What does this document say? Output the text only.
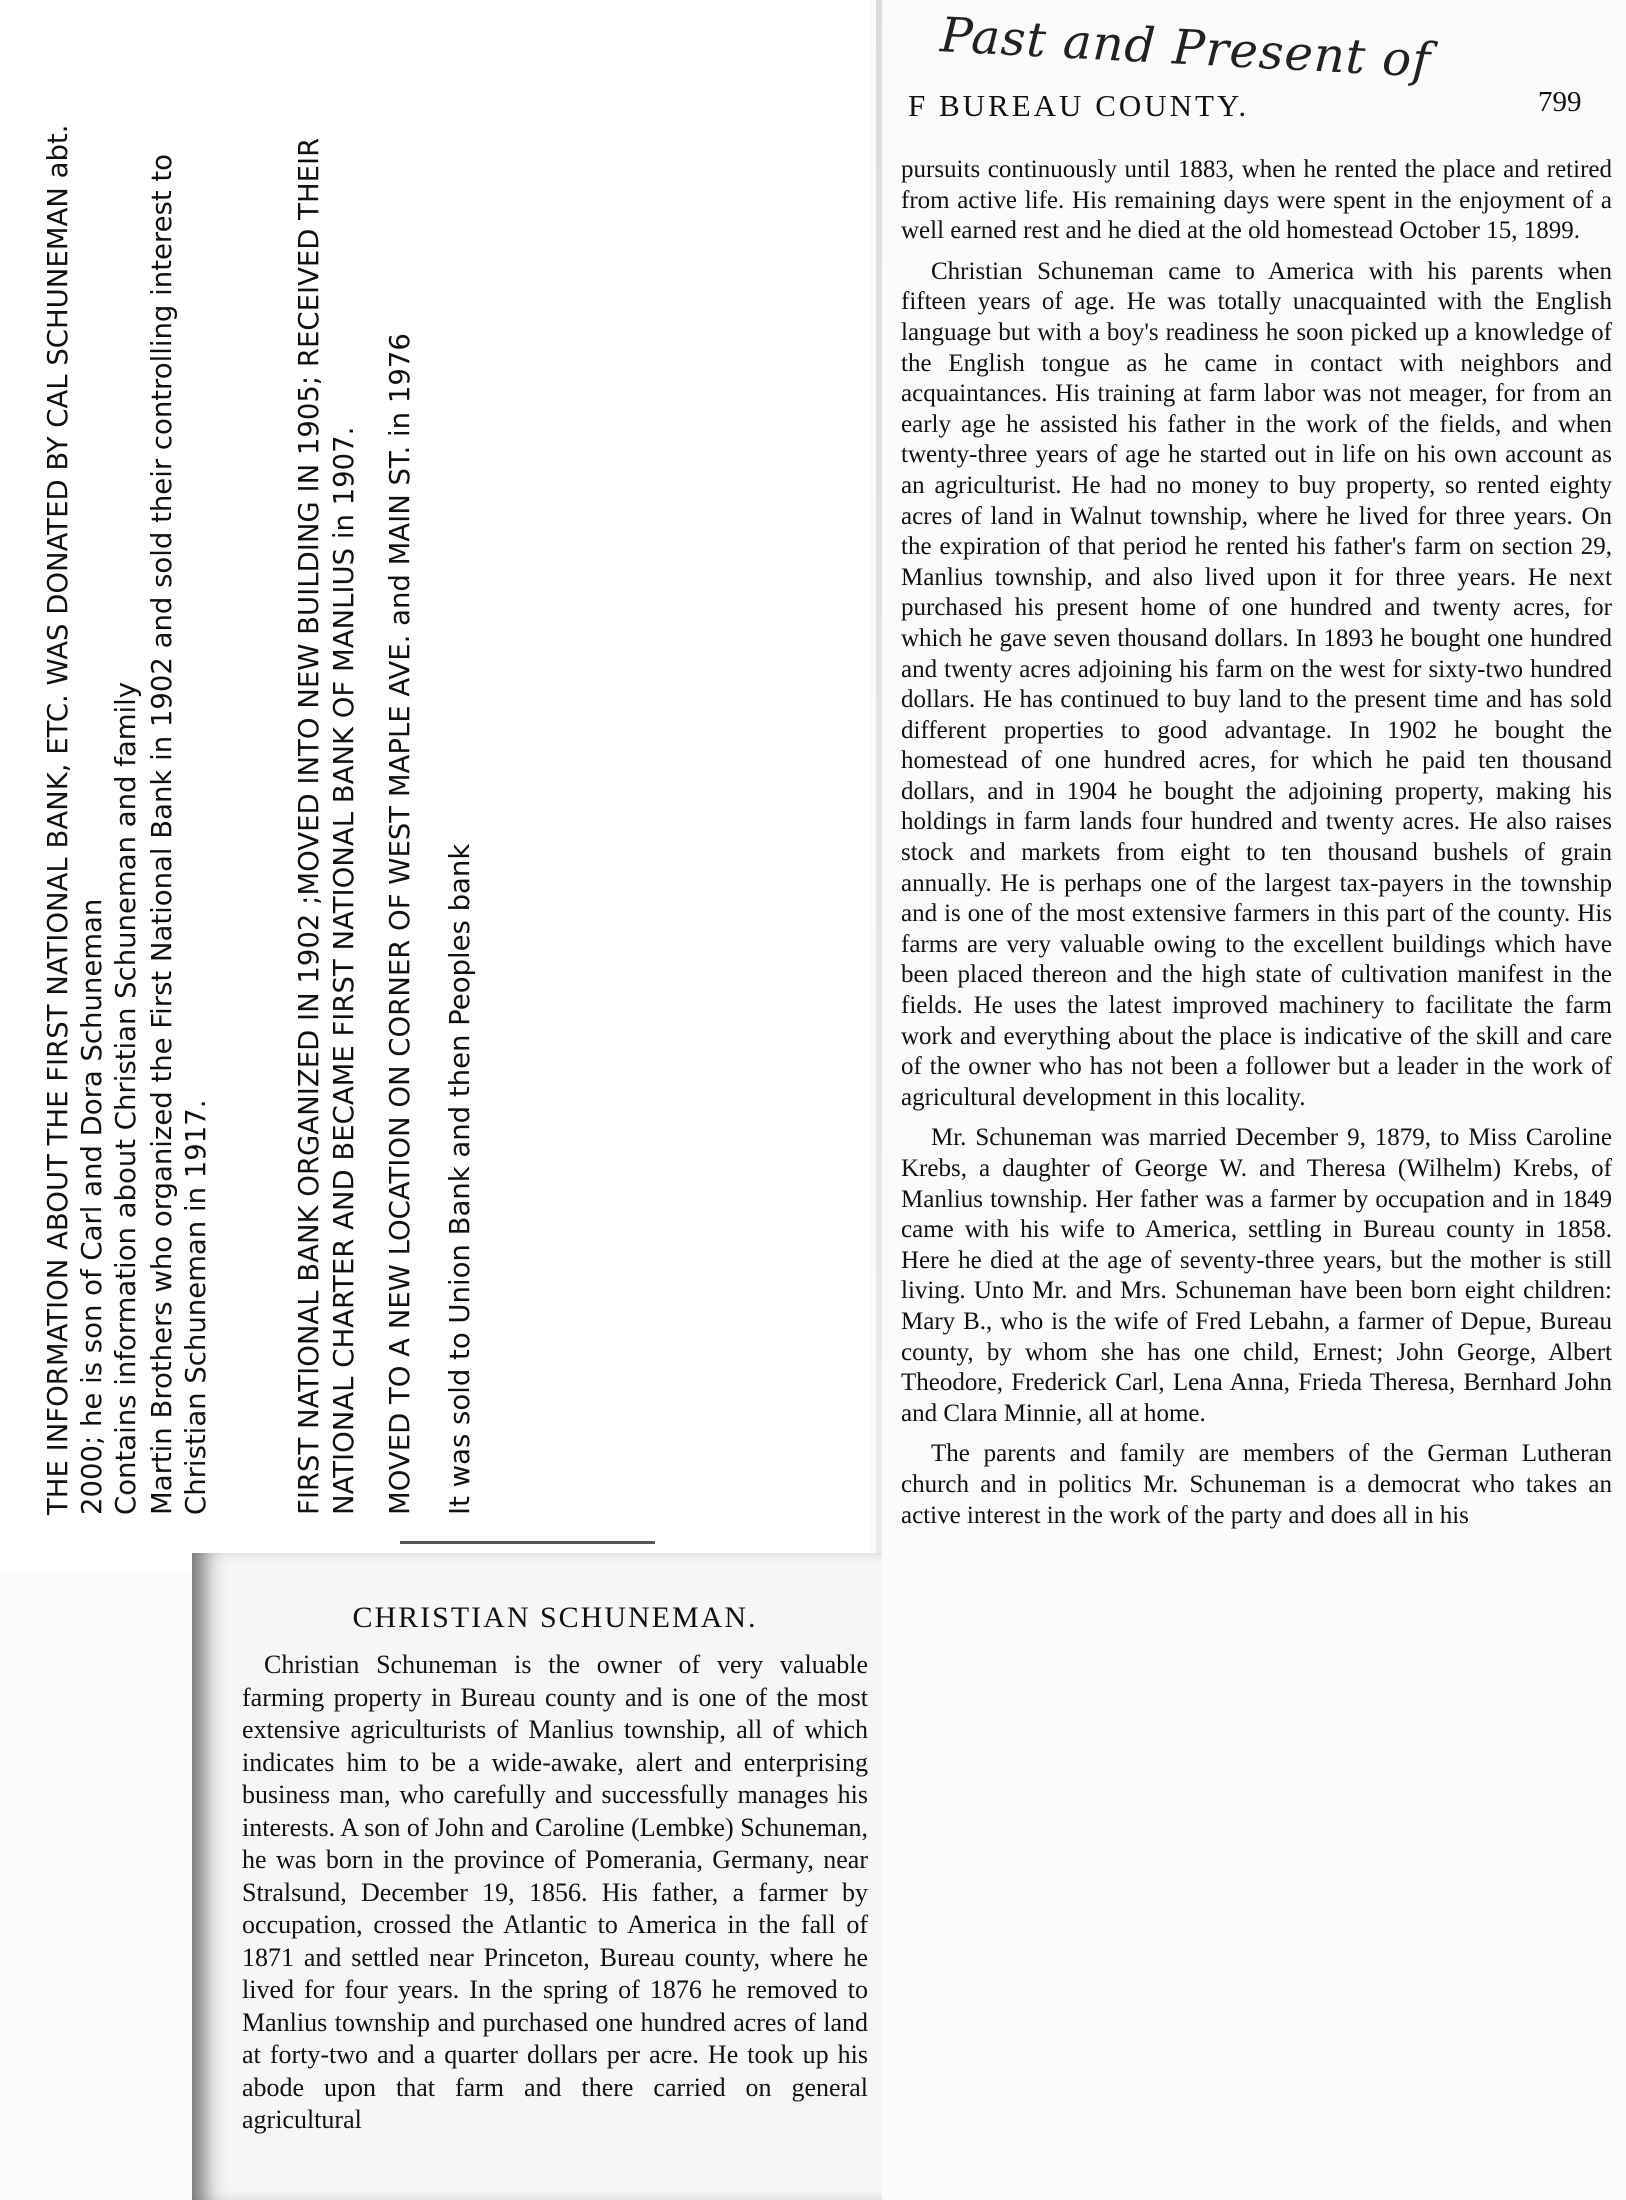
THE INFORMATION ABOUT THE FIRST NATIONAL BANK, ETC. WAS DONATED BY CAL SCHUNEMAN abt. 2000; he is son of Carl and Dora Schuneman Contains information about Christian Schuneman and family Martin Brothers who organized the First National Bank in 1902 and sold their controlling interest to Christian Schuneman in 1917.	FIRST NATIONAL BANK ORGANIZED IN 1902 ;MOVED INTO NEW BUILDING IN 1905; RECEIVED THEIR NATIONAL CHARTER AND BECAME FIRST NATIONAL BANK OF MANLIUS in 1907. MOVED TO A NEW LOCATION ON CORNER OF WEST MAPLE AVE. and MAIN ST. in 1976 It was sold to Union Bank and then Peoples bank
Past and Present of
F BUREAU COUNTY.	799
CHRISTIAN SCHUNEMAN.

Christian Schuneman is the owner of very valuable farming property in Bureau county and is one of the most extensive agriculturists of Manlius township, all of which indicates him to be a wide-awake, alert and enterprising business man, who carefully and successfully manages his interests. A son of John and Caroline (Lembke) Schuneman, he was born in the province of Pomerania, Germany, near Stralsund, December 19, 1856. His father, a farmer by occupation, crossed the Atlantic to America in the fall of 1871 and settled near Princeton, Bureau county, where he lived for four years. In the spring of 1876 he removed to Manlius township and purchased one hundred acres of land at forty-two and a quarter dollars per acre. He took up his abode upon that farm and there carried on general agricultural

pursuits continuously until 1883, when he rented the place and retired from active life. His remaining days were spent in the enjoyment of a well earned rest and he died at the old homestead October 15, 1899.

Christian Schuneman came to America with his parents when fifteen years of age. He was totally unacquainted with the English language but with a boy's readiness he soon picked up a knowledge of the English tongue as he came in contact with neighbors and acquaintances. His training at farm labor was not meager, for from an early age he assisted his father in the work of the fields, and when twenty-three years of age he started out in life on his own account as an agriculturist. He had no money to buy property, so rented eighty acres of land in Walnut township, where he lived for three years. On the expiration of that period he rented his father's farm on section 29, Manlius township, and also lived upon it for three years. He next purchased his present home of one hundred and twenty acres, for which he gave seven thousand dollars. In 1893 he bought one hundred and twenty acres adjoining his farm on the west for sixty-two hundred dollars. He has continued to buy land to the present time and has sold different properties to good advantage. In 1902 he bought the homestead of one hundred acres, for which he paid ten thousand dollars, and in 1904 he bought the adjoining property, making his holdings in farm lands four hundred and twenty acres. He also raises stock and markets from eight to ten thousand bushels of grain annually. He is perhaps one of the largest tax-payers in the township and is one of the most extensive farmers in this part of the county. His farms are very valuable owing to the excellent buildings which have been placed thereon and the high state of cultivation manifest in the fields. He uses the latest improved machinery to facilitate the farm work and everything about the place is indicative of the skill and care of the owner who has not been a follower but a leader in the work of agricultural development in this locality.

Mr. Schuneman was married December 9, 1879, to Miss Caroline Krebs, a daughter of George W. and Theresa (Wilhelm) Krebs, of Manlius township. Her father was a farmer by occupation and in 1849 came with his wife to America, settling in Bureau county in 1858. Here he died at the age of seventy-three years, but the mother is still living. Unto Mr. and Mrs. Schuneman have been born eight children: Mary B., who is the wife of Fred Lebahn, a farmer of Depue, Bureau county, by whom she has one child, Ernest; John George, Albert Theodore, Frederick Carl, Lena Anna, Frieda Theresa, Bernhard John and Clara Minnie, all at home.

The parents and family are members of the German Lutheran church and in politics Mr. Schuneman is a democrat who takes an active interest in the work of the party and does all in his
